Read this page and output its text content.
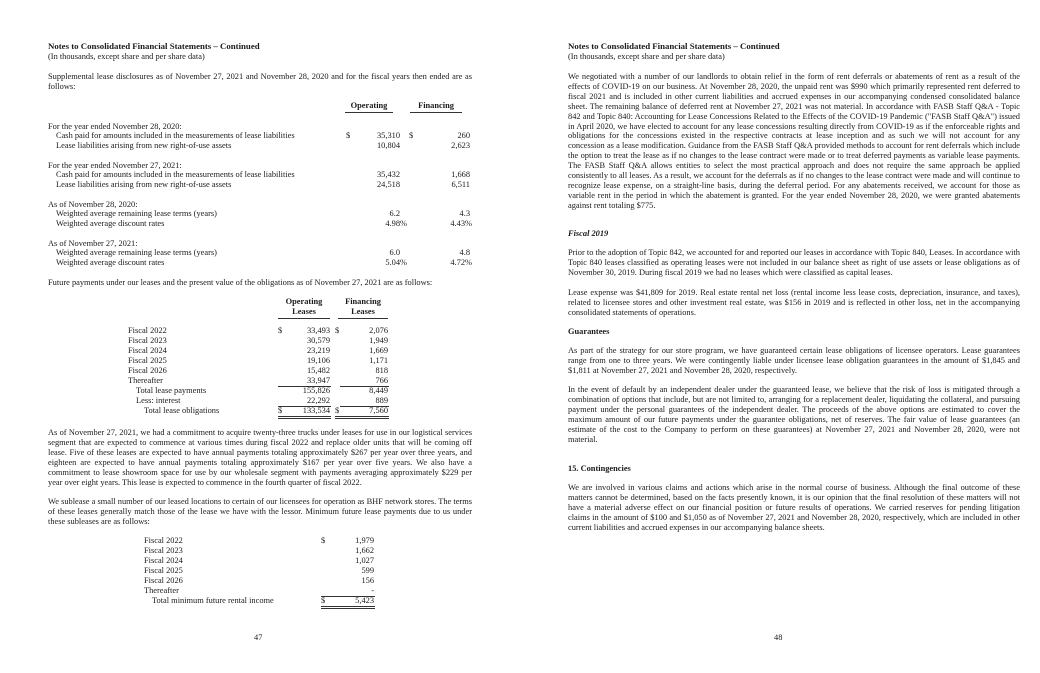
Notes to Consolidated Financial Statements – Continued
(In thousands, except share and per share data)
Supplemental lease disclosures as of November 27, 2021 and November 28, 2020 and for the fiscal years then ended are as follows:
Operating	Financing
For the year ended November 28, 2020:
Cash paid for amounts included in the measurements of lease liabilities	$	35,310 $	260
Lease liabilities arising from new right-of-use assets	10,804	2,623
For the year ended November 27, 2021:
Cash paid for amounts included in the measurements of lease liabilities	35,432	1,668
Lease liabilities arising from new right-of-use assets	24,518	6,511
As of November 28, 2020:
Weighted average remaining lease terms (years)	6.2	4.3
Weighted average discount rates	4.98%	4.43%
As of November 27, 2021:
Weighted average remaining lease terms (years)	6.0	4.8
Weighted average discount rates	5.04%	4.72%
Future payments under our leases and the present value of the obligations as of November 27, 2021 are as follows:
Operating Leases
Financing Leases
Fiscal 2022	$	33,493 $	2,076
Fiscal 2023	30,579	1,949
Fiscal 2024	23,219	1,669
Fiscal 2025	19,106	1,171
Fiscal 2026	15,482	818
Thereafter	33,947	766
Total lease payments	155,826	8,449
Less: interest	22,292	889
Total lease obligations	$	133,534 $	7,560
As of November 27, 2021, we had a commitment to acquire twenty-three trucks under leases for use in our logistical services segment that are expected to commence at various times during fiscal 2022 and replace older units that will be coming off lease. Five of these leases are expected to have annual payments totaling approximately $267 per year over three years, and eighteen are expected to have annual payments totaling approximately $167 per year over five years. We also have a commitment to lease showroom space for use by our wholesale segment with payments averaging approximately $229 per year over eight years. This lease is expected to commence in the fourth quarter of fiscal 2022.
We sublease a small number of our leased locations to certain of our licensees for operation as BHF network stores. The terms of these leases generally match those of the lease we have with the lessor. Minimum future lease payments due to us under these subleases are as follows:
Fiscal 2022	$	1,979
Fiscal 2023	1,662
Fiscal 2024	1,027
Fiscal 2025	599
Fiscal 2026	156
Thereafter	-
Total minimum future rental income	$	5,423
47
Notes to Consolidated Financial Statements – Continued
(In thousands, except share and per share data)
We negotiated with a number of our landlords to obtain relief in the form of rent deferrals or abatements of rent as a result of the effects of COVID-19 on our business. At November 28, 2020, the unpaid rent was $990 which primarily represented rent deferred to fiscal 2021 and is included in other current liabilities and accrued expenses in our accompanying condensed consolidated balance sheet. The remaining balance of deferred rent at November 27, 2021 was not material. In accordance with FASB Staff Q&A - Topic 842 and Topic 840: Accounting for Lease Concessions Related to the Effects of the COVID-19 Pandemic ("FASB Staff Q&A") issued in April 2020, we have elected to account for any lease concessions resulting directly from COVID-19 as if the enforceable rights and obligations for the concessions existed in the respective contracts at lease inception and as such we will not account for any concession as a lease modification. Guidance from the FASB Staff Q&A provided methods to account for rent deferrals which include the option to treat the lease as if no changes to the lease contract were made or to treat deferred payments as variable lease payments. The FASB Staff Q&A allows entities to select the most practical approach and does not require the same approach be applied consistently to all leases. As a result, we account for the deferrals as if no changes to the lease contract were made and will continue to recognize lease expense, on a straight-line basis, during the deferral period. For any abatements received, we account for those as variable rent in the period in which the abatement is granted. For the year ended November 28, 2020, we were granted abatements against rent totaling $775.
Fiscal 2019
Prior to the adoption of Topic 842, we accounted for and reported our leases in accordance with Topic 840, Leases. In accordance with Topic 840 leases classified as operating leases were not included in our balance sheet as right of use assets or lease obligations as of November 30, 2019. During fiscal 2019 we had no leases which were classified as capital leases.
Lease expense was $41,809 for 2019. Real estate rental net loss (rental income less lease costs, depreciation, insurance, and taxes), related to licensee stores and other investment real estate, was $156 in 2019 and is reflected in other loss, net in the accompanying consolidated statements of operations.
Guarantees
As part of the strategy for our store program, we have guaranteed certain lease obligations of licensee operators. Lease guarantees range from one to three years. We were contingently liable under licensee lease obligation guarantees in the amount of $1,845 and $1,811 at November 27, 2021 and November 28, 2020, respectively.
In the event of default by an independent dealer under the guaranteed lease, we believe that the risk of loss is mitigated through a combination of options that include, but are not limited to, arranging for a replacement dealer, liquidating the collateral, and pursuing payment under the personal guarantees of the independent dealer. The proceeds of the above options are estimated to cover the maximum amount of our future payments under the guarantee obligations, net of reserves. The fair value of lease guarantees (an estimate of the cost to the Company to perform on these guarantees) at November 27, 2021 and November 28, 2020, were not material.
15. Contingencies
We are involved in various claims and actions which arise in the normal course of business. Although the final outcome of these matters cannot be determined, based on the facts presently known, it is our opinion that the final resolution of these matters will not have a material adverse effect on our financial position or future results of operations. We carried reserves for pending litigation claims in the amount of $100 and $1,050 as of November 27, 2021 and November 28, 2020, respectively, which are included in other current liabilities and accrued expenses in our accompanying balance sheets.
48
